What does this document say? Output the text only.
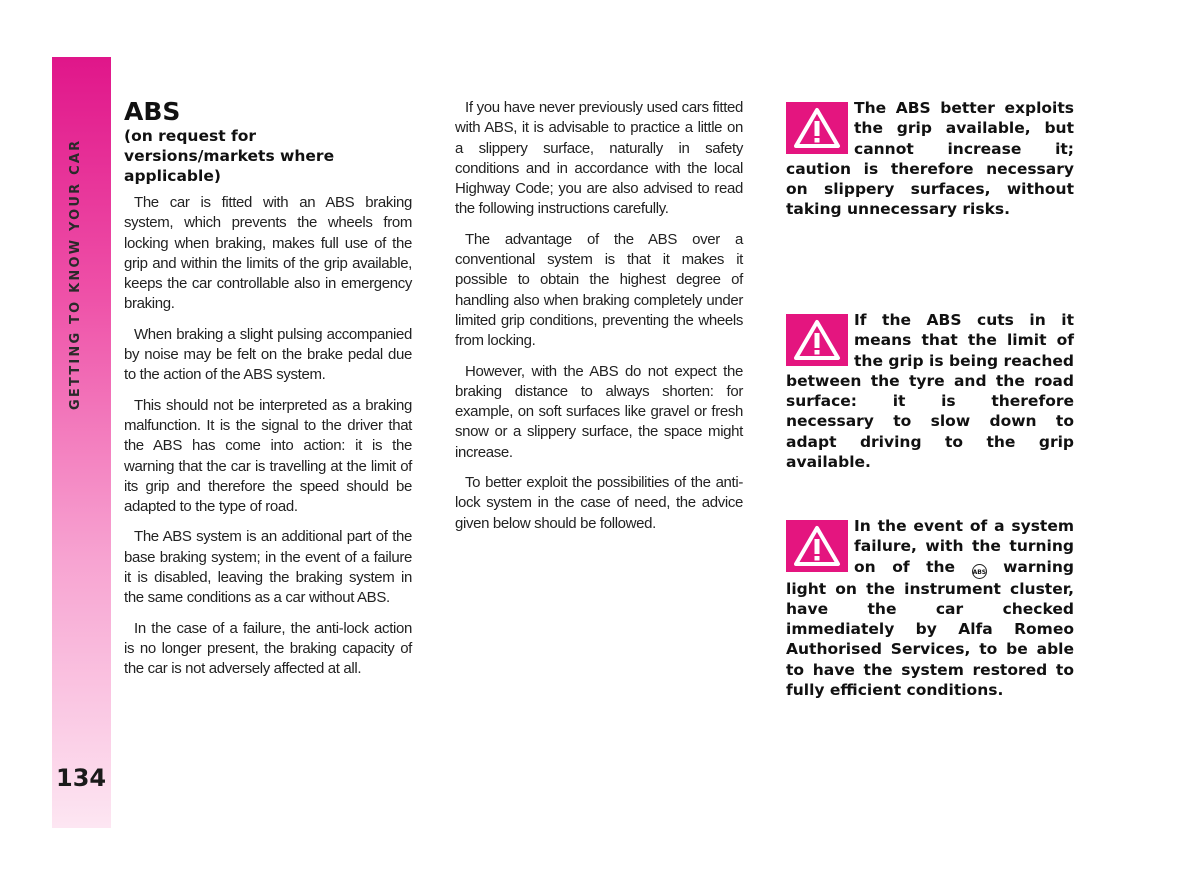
GETTING TO KNOW YOUR CAR
134
ABS
(on request for versions/markets where applicable)

The car is fitted with an ABS braking system, which prevents the wheels from locking when braking, makes full use of the grip and within the limits of the grip available, keeps the car controllable also in emergency braking.

When braking a slight pulsing accompanied by noise may be felt on the brake pedal due to the action of the ABS system.

This should not be interpreted as a braking malfunction. It is the signal to the driver that the ABS has come into action: it is the warning that the car is travelling at the limit of its grip and therefore the speed should be adapted to the type of road.

The ABS system is an additional part of the base braking system; in the event of a failure it is disabled, leaving the braking system in the same conditions as a car without ABS.

In the case of a failure, the anti-lock action is no longer present, the braking capacity of the car is not adversely affected at all.

If you have never previously used cars fitted with ABS, it is advisable to practice a little on a slippery surface, naturally in safety conditions and in accordance with the local Highway Code; you are also advised to read the following instructions carefully.

The advantage of the ABS over a conventional system is that it makes it possible to obtain the highest degree of handling also when braking completely under limited grip conditions, preventing the wheels from locking.

However, with the ABS do not expect the braking distance to always shorten: for example, on soft surfaces like gravel or fresh snow or a slippery surface, the space might increase.

To better exploit the possibilities of the anti-lock system in the case of need, the advice given below should be followed.

The ABS better exploits the grip available, but cannot increase it; caution is therefore necessary on slippery surfaces, without taking unnecessary risks.

If the ABS cuts in it means that the limit of the grip is being reached between the tyre and the road surface: it is therefore necessary to slow down to adapt driving to the grip available.

In the event of a system failure, with the turning on of the ABS warning light on the instrument cluster, have the car checked immediately by Alfa Romeo Authorised Services, to be able to have the system restored to fully efficient conditions.
